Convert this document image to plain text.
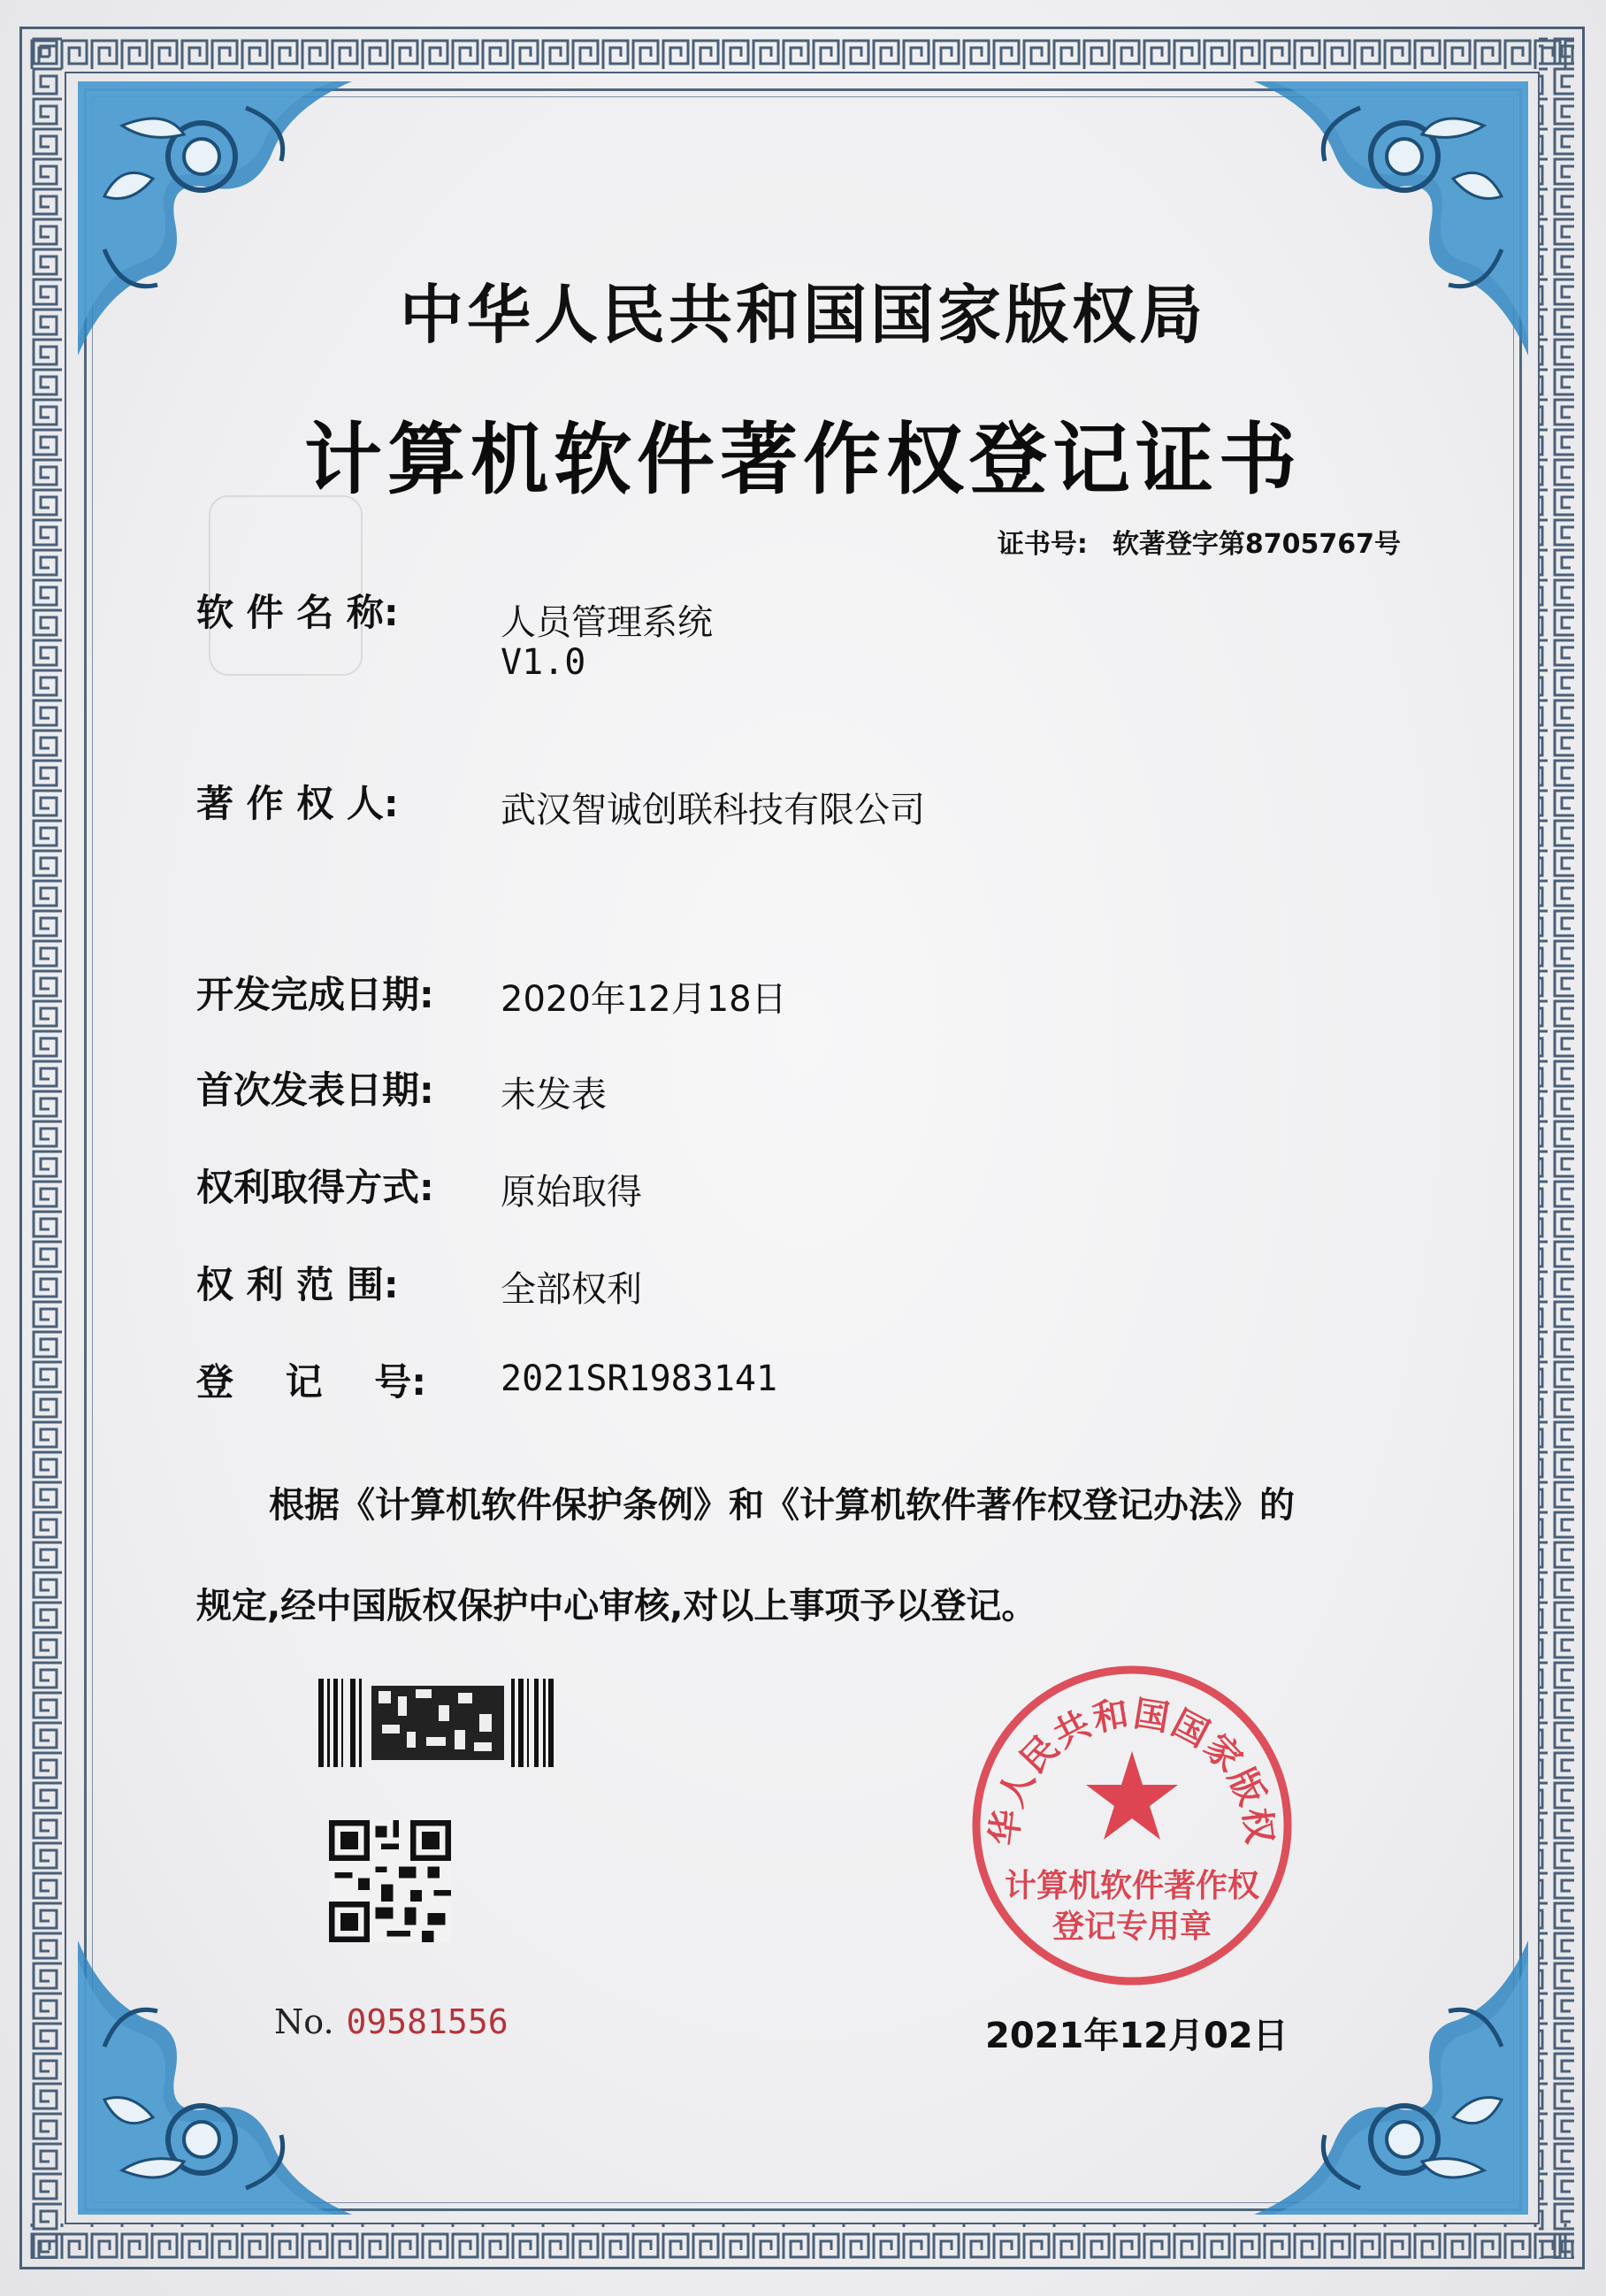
中华人民共和国国家版权局
计算机软件著作权登记证书
证书号: 软著登字第8705767号
软 件 名 称:	人员管理系统
V1.0
著 作 权 人:	武汉智诚创联科技有限公司
开发完成日期: 2020年12月18日
首次发表日期: 未发表
权利取得方式: 原始取得
权 利 范 围:	全部权利
登 记 号: 2021SR1983141
根据《计算机软件保护条例》和《计算机软件著作权登记办法》的
规定,经中国版权保护中心审核,对以上事项予以登记。
No. 09581556
华人民共和国国家版权
计算机软件著作权
登记专用章
2021年12月02日
